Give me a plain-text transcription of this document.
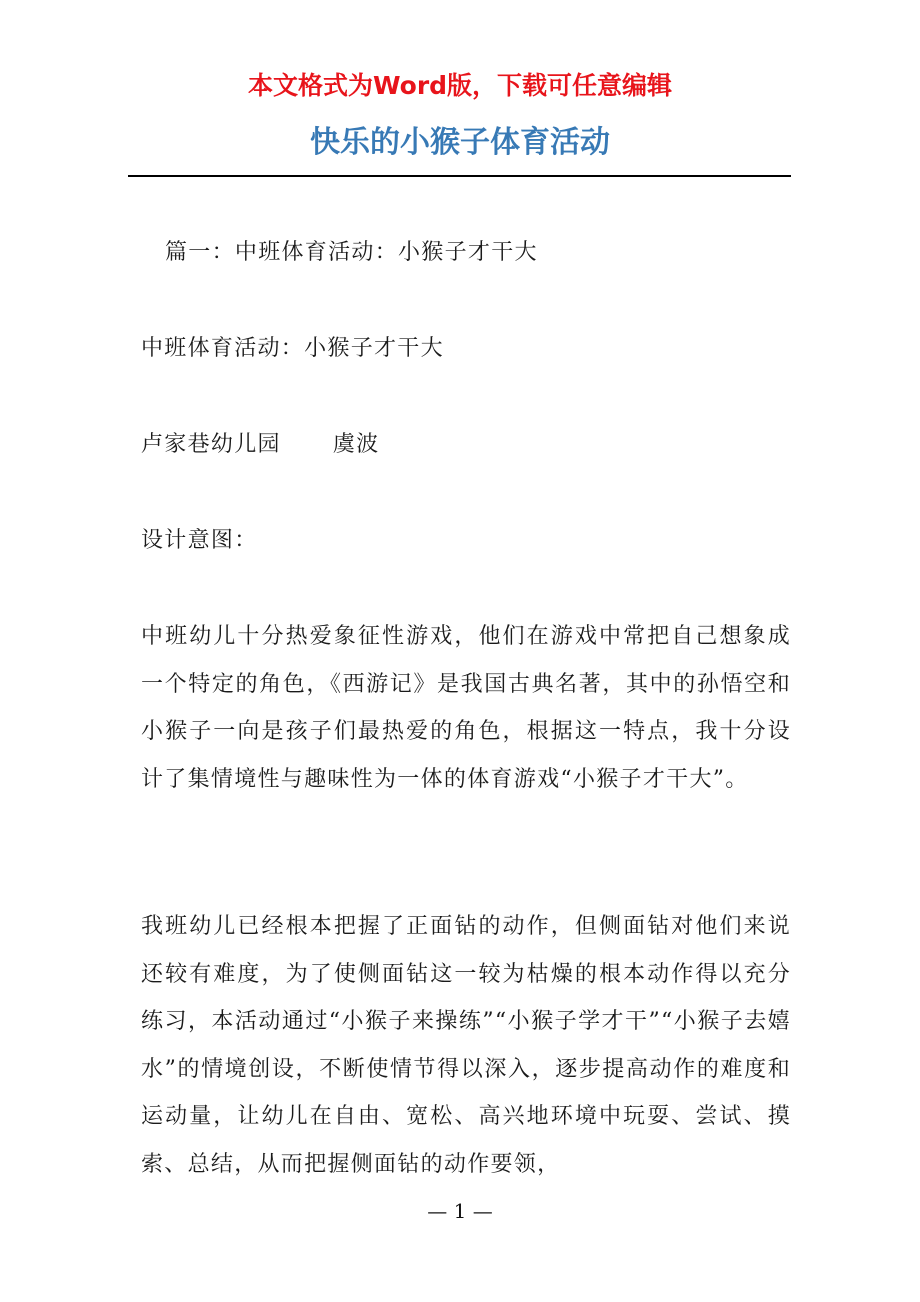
本文格式为Word版，下载可任意编辑
快乐的小猴子体育活动

篇一：中班体育活动：小猴子才干大

中班体育活动：小猴子才干大

卢家巷幼儿园 虞波

设计意图：

中班幼儿十分热爱象征性游戏，他们在游戏中常把自己想象成一个特定的角色，《西游记》是我国古典名著，其中的孙悟空和小猴子一向是孩子们最热爱的角色，根据这一特点，我十分设计了集情境性与趣味性为一体的体育游戏“小猴子才干大”。

我班幼儿已经根本把握了正面钻的动作，但侧面钻对他们来说还较有难度，为了使侧面钻这一较为枯燥的根本动作得以充分练习，本活动通过“小猴子来操练”“小猴子学才干”“小猴子去嬉水”的情境创设，不断使情节得以深入，逐步提高动作的难度和运动量，让幼儿在自由、宽松、高兴地环境中玩耍、尝试、摸索、总结，从而把握侧面钻的动作要领，

— 1 —
